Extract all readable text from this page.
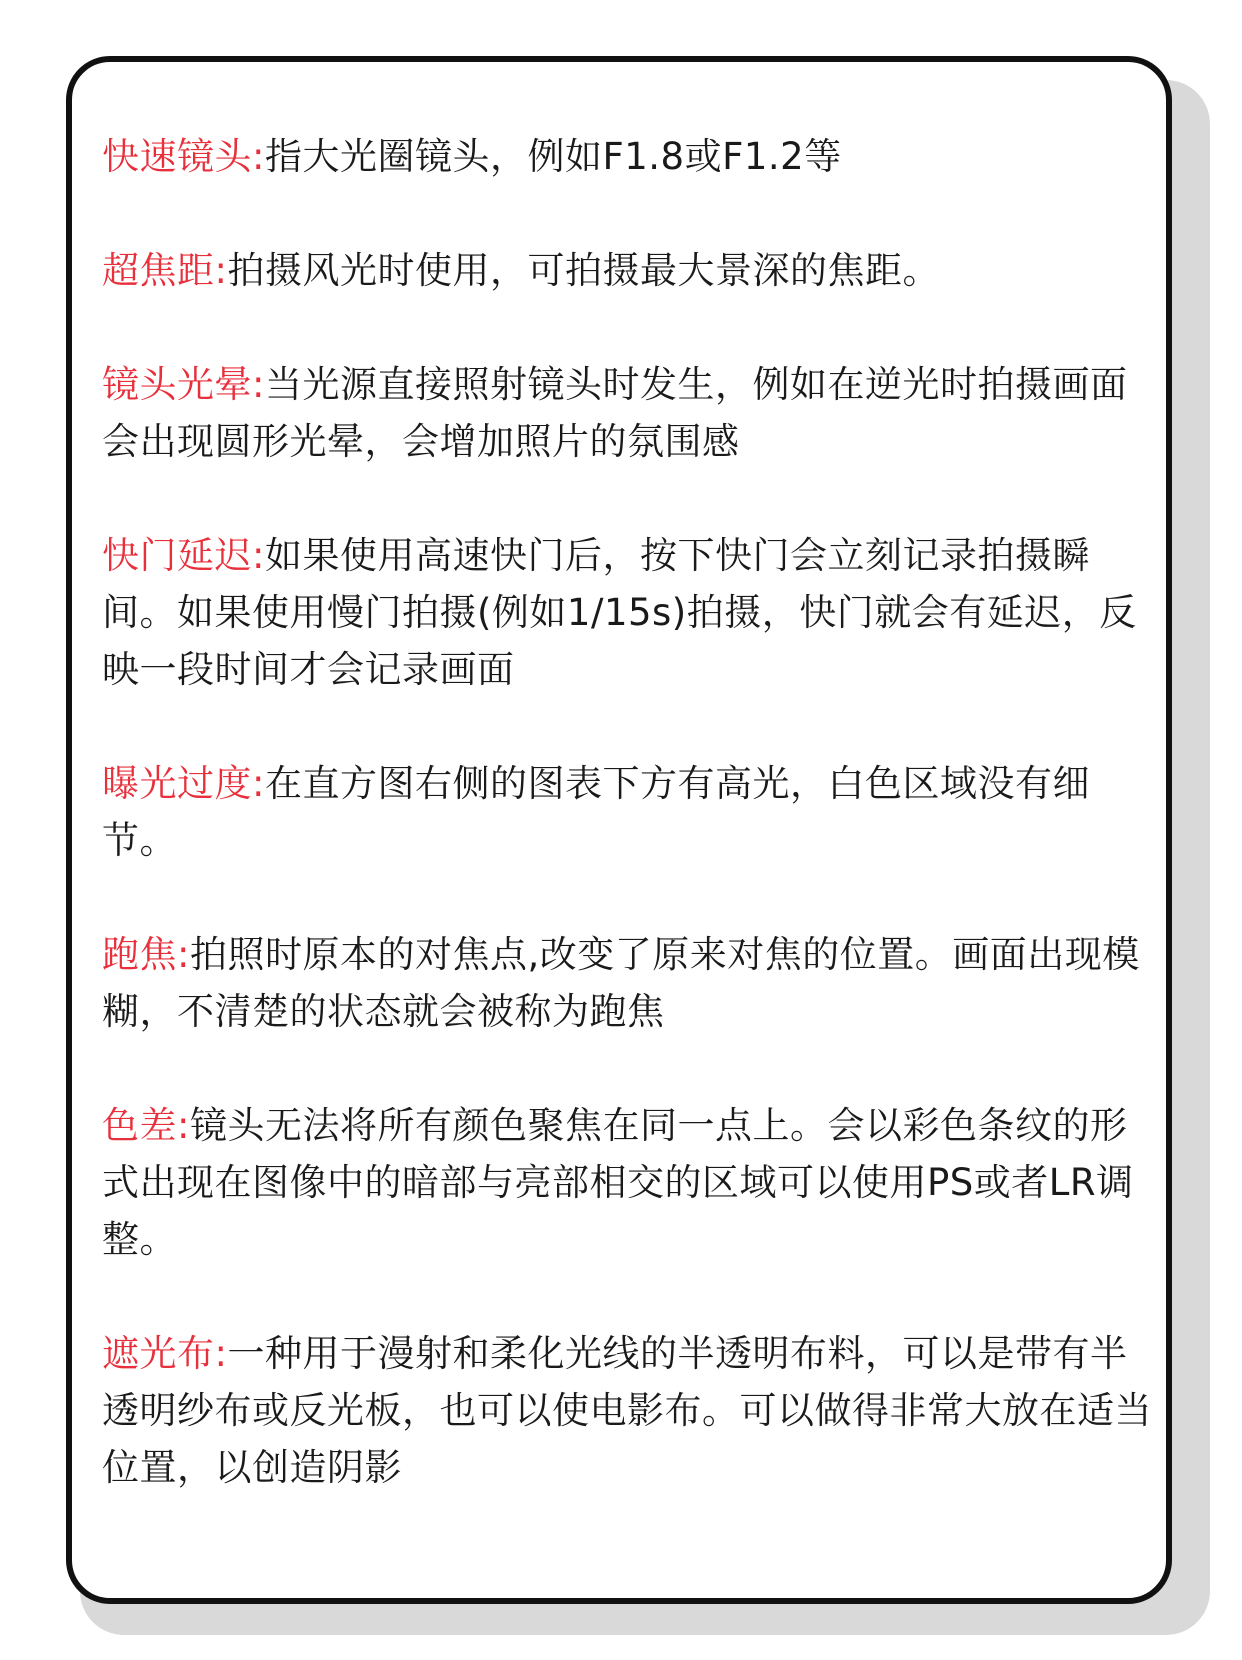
快速镜头:指大光圈镜头，例如F1.8或F1.2等
超焦距:拍摄风光时使用，可拍摄最大景深的焦距。
镜头光晕:当光源直接照射镜头时发生，例如在逆光时拍摄画面会出现圆形光晕，会增加照片的氛围感
快门延迟:如果使用高速快门后，按下快门会立刻记录拍摄瞬间。如果使用慢门拍摄(例如1/15s)拍摄，快门就会有延迟，反映一段时间才会记录画面
曝光过度:在直方图右侧的图表下方有高光，白色区域没有细节。
跑焦:拍照时原本的对焦点,改变了原来对焦的位置。画面出现模糊，不清楚的状态就会被称为跑焦
色差:镜头无法将所有颜色聚焦在同一点上。会以彩色条纹的形式出现在图像中的暗部与亮部相交的区域可以使用PS或者LR调整。
遮光布:一种用于漫射和柔化光线的半透明布料，可以是带有半透明纱布或反光板，也可以使电影布。可以做得非常大放在适当位置，以创造阴影
